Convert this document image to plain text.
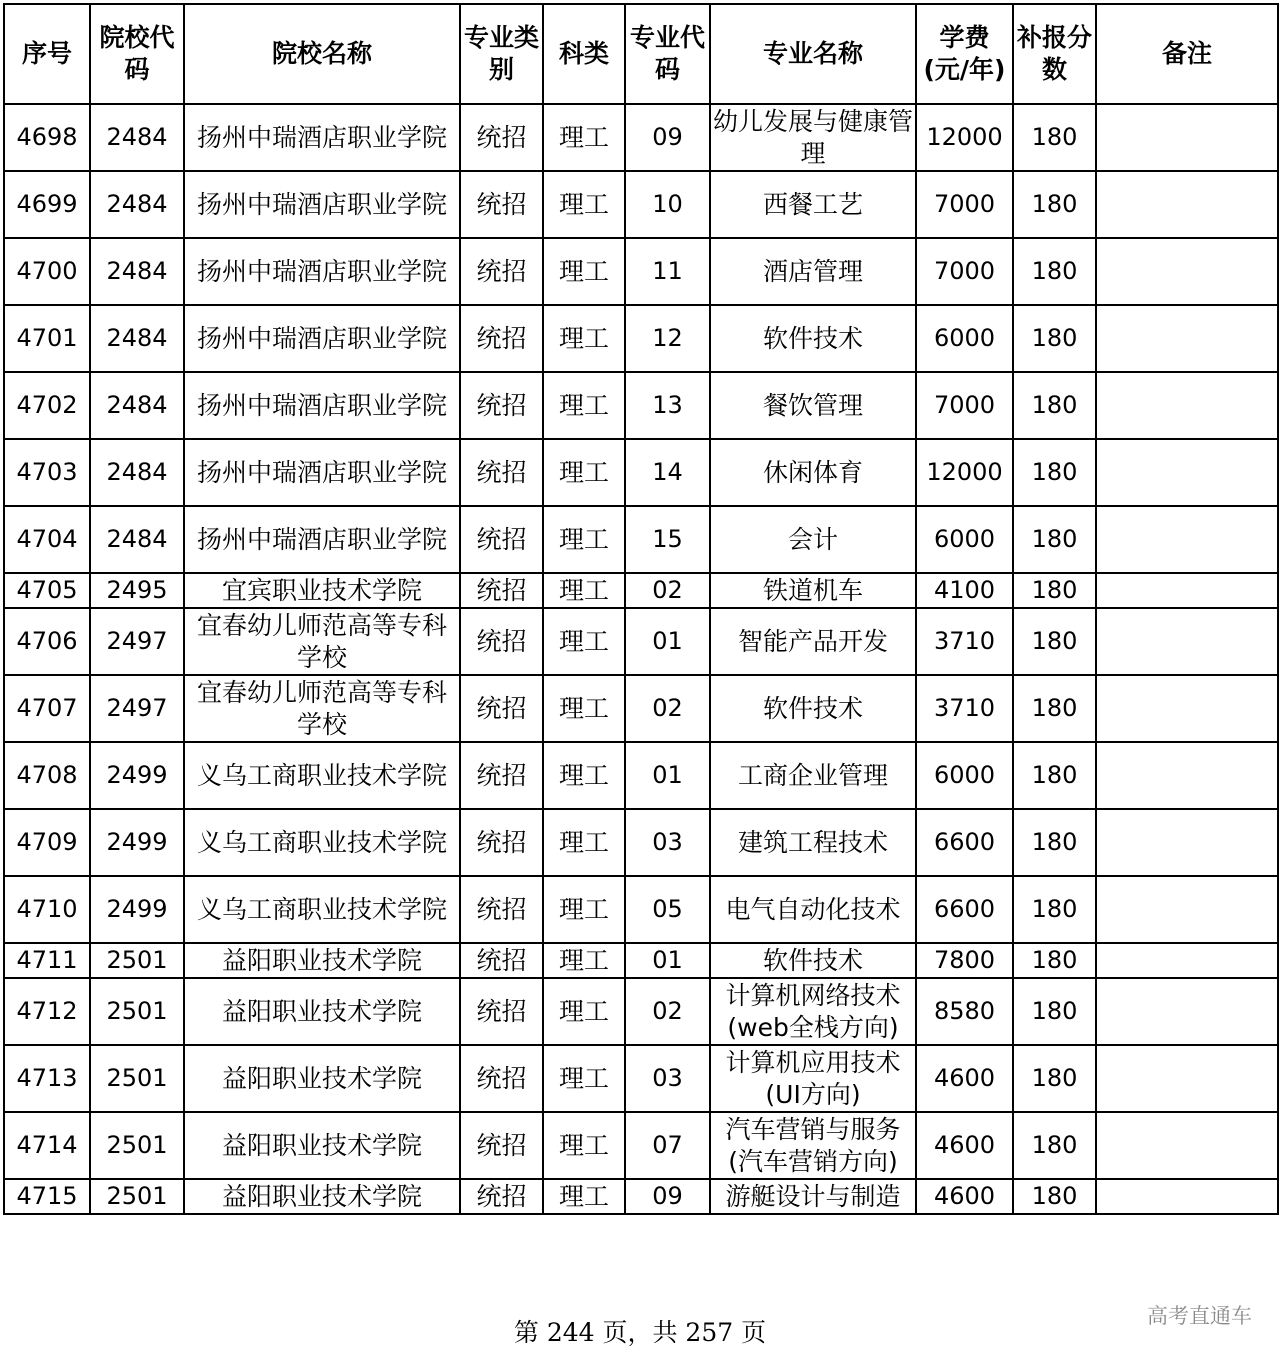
序号	院校代码	院校名称	专业类别	科类	专业代码	专业名称	学费(元/年)	补报分数	备注
4698	2484	扬州中瑞酒店职业学院	统招	理工	09	幼儿发展与健康管理	12000	180	
4699	2484	扬州中瑞酒店职业学院	统招	理工	10	西餐工艺	7000	180	
4700	2484	扬州中瑞酒店职业学院	统招	理工	11	酒店管理	7000	180	
4701	2484	扬州中瑞酒店职业学院	统招	理工	12	软件技术	6000	180	
4702	2484	扬州中瑞酒店职业学院	统招	理工	13	餐饮管理	7000	180	
4703	2484	扬州中瑞酒店职业学院	统招	理工	14	休闲体育	12000	180	
4704	2484	扬州中瑞酒店职业学院	统招	理工	15	会计	6000	180	
4705	2495	宜宾职业技术学院	统招	理工	02	铁道机车	4100	180	
4706	2497	宜春幼儿师范高等专科学校	统招	理工	01	智能产品开发	3710	180	
4707	2497	宜春幼儿师范高等专科学校	统招	理工	02	软件技术	3710	180	
4708	2499	义乌工商职业技术学院	统招	理工	01	工商企业管理	6000	180	
4709	2499	义乌工商职业技术学院	统招	理工	03	建筑工程技术	6600	180	
4710	2499	义乌工商职业技术学院	统招	理工	05	电气自动化技术	6600	180	
4711	2501	益阳职业技术学院	统招	理工	01	软件技术	7800	180	
4712	2501	益阳职业技术学院	统招	理工	02	计算机网络技术(web全栈方向)	8580	180	
4713	2501	益阳职业技术学院	统招	理工	03	计算机应用技术(UI方向)	4600	180	
4714	2501	益阳职业技术学院	统招	理工	07	汽车营销与服务(汽车营销方向)	4600	180	
4715	2501	益阳职业技术学院	统招	理工	09	游艇设计与制造	4600	180	
第 244 页，共 257 页
高考直通车
